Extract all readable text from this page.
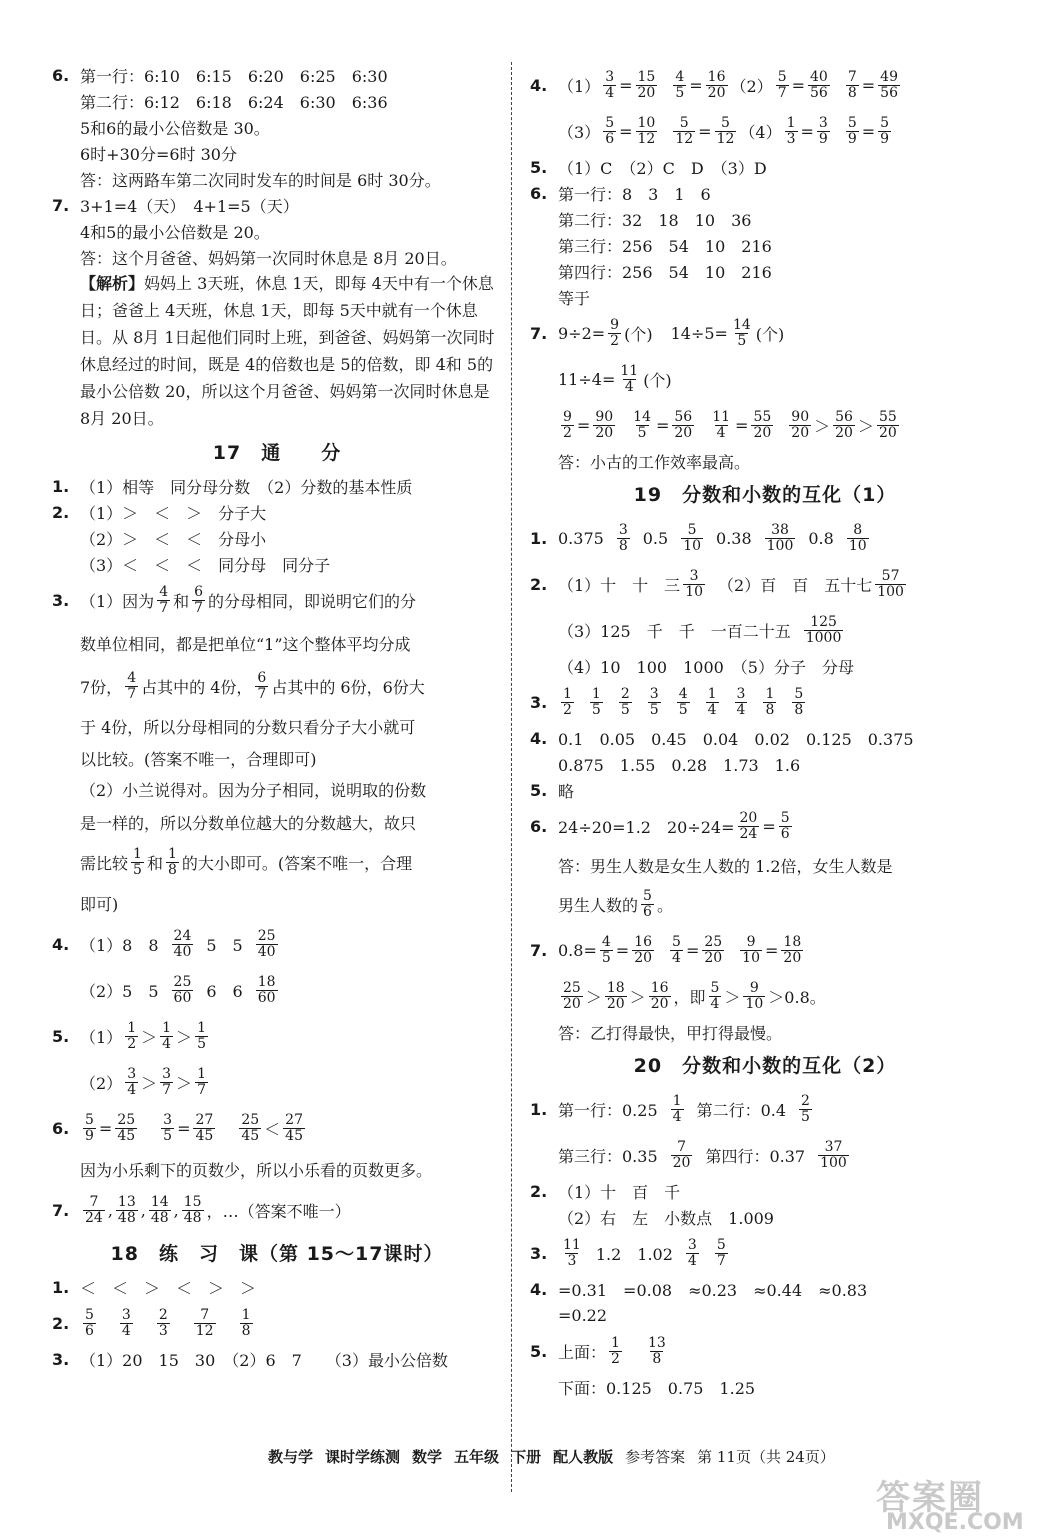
6. 第一行：6:10　6:15　6:20　6:25　6:30
第二行：6:12　6:18　6:24　6:30　6:36
5和6的最小公倍数是 30。
6时+30分=6时 30分
答：这两路车第二次同时发车的时间是 6时 30分。
7. 3+1=4（天）　4+1=5（天）
4和5的最小公倍数是 20。
答：这个月爸爸、妈妈第一次同时休息是 8月 20日。
【解析】妈妈上 3天班，休息 1天，即每 4天中有一个休息日；爸爸上 4天班，休息 1天，即每 5天中就有一个休息日。从 8月 1日起他们同时上班，到爸爸、妈妈第一次同时休息经过的时间，既是 4的倍数也是 5的倍数，即 4和 5的最小公倍数 20，所以这个月爸爸、妈妈第一次同时休息是 8月 20日。
17　通　　分
1. （1）相等　同分母分数　（2）分数的基本性质
2. （1）＞　＜　＞　分子大
（2）＞　＜　＜　分母小
（3）＜　＜　＜　同分母　同分子
3. （1）因为 $\frac{4}{7}$ 和 $\frac{6}{7}$ 的分母相同，即说明它们的分
数单位相同，都是把单位“1”这个整体平均分成
7份， $\frac{4}{7}$ 占其中的 4份， $\frac{6}{7}$ 占其中的 6份，6份大
于 4份，所以分母相同的分数只看分子大小就可
以比较。(答案不唯一，合理即可)
（2）小兰说得对。因为分子相同，说明取的份数
是一样的，所以分数单位越大的分数越大，故只
需比较 $\frac{1}{5}$ 和 $\frac{1}{8}$ 的大小即可。(答案不唯一，合理
即可)
4. （1）8　$8 \frac{24}{40} 5$　$5 \frac{25}{40}$
（2）5　$5 \frac{25}{60} 6$　$6 \frac{18}{60}$
5. $(1) \frac{1}{2} > \frac{1}{4} > \frac{1}{5}$
$(2) \frac{3}{4} > \frac{3}{7} > \frac{1}{7}$
6. $\frac{5}{9} = \frac{25}{45} \frac{3}{5} = \frac{27}{45} \frac{25}{45} < \frac{27}{45}$
因为小乐剩下的页数少，所以小乐看的页数更多。
7. $\frac{7}{24}$ , $\frac{13}{48}$ , $\frac{14}{48}$ , $\frac{15}{48}$ ，…（答案不唯一）
18　练　习　课（第 15～17课时）
1. ＜　＜　＞　＜　＞　＞
2. $\frac{5}{6} \frac{3}{4} \frac{2}{3} \frac{7}{12} \frac{1}{8}$
3. （1）20　15　30　（2）6　7　　（3）最小公倍数
4. $(1) \frac{3}{4} = \frac{15}{20} \frac{4}{5} = \frac{16}{20} (2) \frac{5}{7} = \frac{40}{56} \frac{7}{8} = \frac{49}{56}$
$(3) \frac{5}{6} = \frac{10}{12} \frac{5}{12} = \frac{5}{12} (4) \frac{1}{3} = \frac{3}{9} \frac{5}{9} = \frac{5}{9}$
5. （1）C　（2）C　D　（3）D
6. 第一行：8　3　1　6
第二行：32　18　10　36
第三行：256　54　10　216
第四行：256　54　10　216
等于
7. $9\div 2= \frac{9}{2}$ (个) $14\div 5= \frac{14}{5}$ (个)
$11\div 4= \frac{11}{4}$ (个)
$\frac{9}{2} = \frac{90}{20} \frac{14}{5} = \frac{56}{20} \frac{11}{4} = \frac{55}{20} \frac{90}{20} > \frac{56}{20} > \frac{55}{20}$
答：小古的工作效率最高。
19　分数和小数的互化（1）
1. $0.375 \frac{3}{8} 0.5 \frac{5}{10} 0.38 \frac{38}{100} 0.8 \frac{8}{10}$
2. （1）十　十　三 $\frac{3}{10} (2)$百　百　五十七 $\frac{57}{100}$
（3）125　千　千　一百二十五 $\frac{125}{1000}$
（4）10　100　1000　（5）分子　分母
3. $\frac{1}{2} \frac{1}{5} \frac{2}{5} \frac{3}{5} \frac{4}{5} \frac{1}{4} \frac{3}{4} \frac{1}{8} \frac{5}{8}$
4. 0.1　0.05　0.45　0.04　0.02　0.125　0.375
0.875　1.55　0.28　1.73　1.6
5. 略
6. 24÷20=1.2　$20\div 24= \frac{20}{24} = \frac{5}{6}$
答：男生人数是女生人数的 1.2倍，女生人数是
男生人数的 $\frac{5}{6}$ 。
7. $0.8= \frac{4}{5} = \frac{16}{20} \frac{5}{4} = \frac{25}{20} \frac{9}{10} = \frac{18}{20}$
$\frac{25}{20} > \frac{18}{20} > \frac{16}{20}$ ，即 $\frac{5}{4} > \frac{9}{10} >0.8$。
答：乙打得最快，甲打得最慢。
20　分数和小数的互化（2）
1. 第一行：$0.25 \frac{1}{4}$ 第二行：$0.4 \frac{2}{5}$
第三行：$0.35 \frac{7}{20}$ 第四行：$0.37 \frac{37}{100}$
2. （1）十　百　千
（2）右　左　小数点　1.009
3. $\frac{11}{3} 1.2$　$1.02 \frac{3}{4} \frac{5}{7}$
4. =0.31　=0.08　≈0.23　≈0.44　≈0.83
=0.22
5. 上面： $\frac{1}{2} \frac{13}{8}$
下面：0.125　0.75　1.25
教与学 课时学练测 数学 五年级 下册 配人教版 参考答案 第 11页（共 24页）
答案圈
MXQE.COM
